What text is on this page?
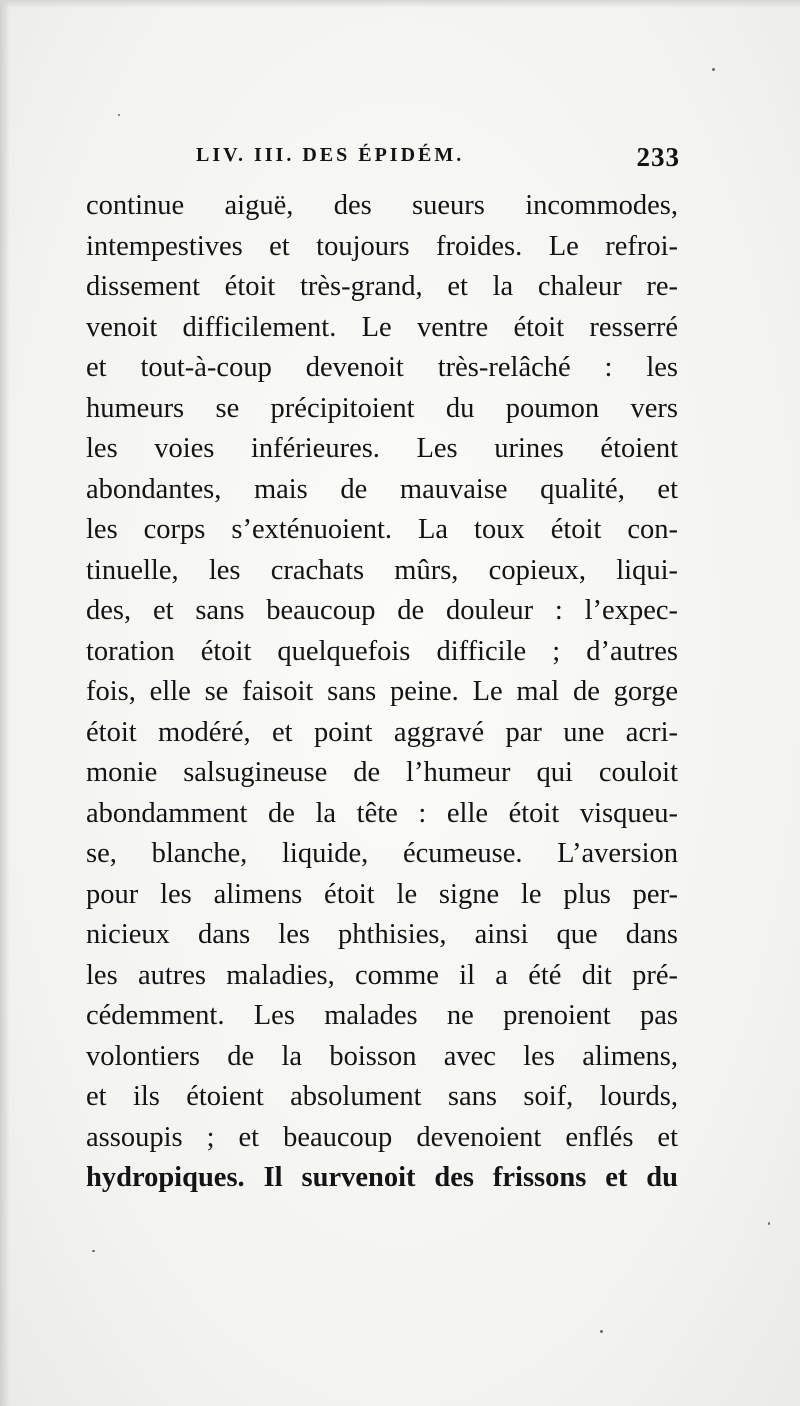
LIV. III. DES ÉPIDÉM.	233
continue aiguë, des sueurs incommodes,
intempestives et toujours froides. Le refroi-
dissement étoit très-grand, et la chaleur re-
venoit difficilement. Le ventre étoit resserré
et tout-à-coup devenoit très-relâché : les
humeurs se précipitoient du poumon vers
les voies inférieures. Les urines étoient
abondantes, mais de mauvaise qualité, et
les corps s’exténuoient. La toux étoit con-
tinuelle, les crachats mûrs, copieux, liqui-
des, et sans beaucoup de douleur : l’expec-
toration étoit quelquefois difficile ; d’autres
fois, elle se faisoit sans peine. Le mal de gorge
étoit modéré, et point aggravé par une acri-
monie salsugineuse de l’humeur qui couloit
abondamment de la tête : elle étoit visqueu-
se, blanche, liquide, écumeuse. L’aversion
pour les alimens étoit le signe le plus per-
nicieux dans les phthisies, ainsi que dans
les autres maladies, comme il a été dit pré-
cédemment. Les malades ne prenoient pas
volontiers de la boisson avec les alimens,
et ils étoient absolument sans soif, lourds,
assoupis ; et beaucoup devenoient enflés et
hydropiques. Il survenoit des frissons et du
